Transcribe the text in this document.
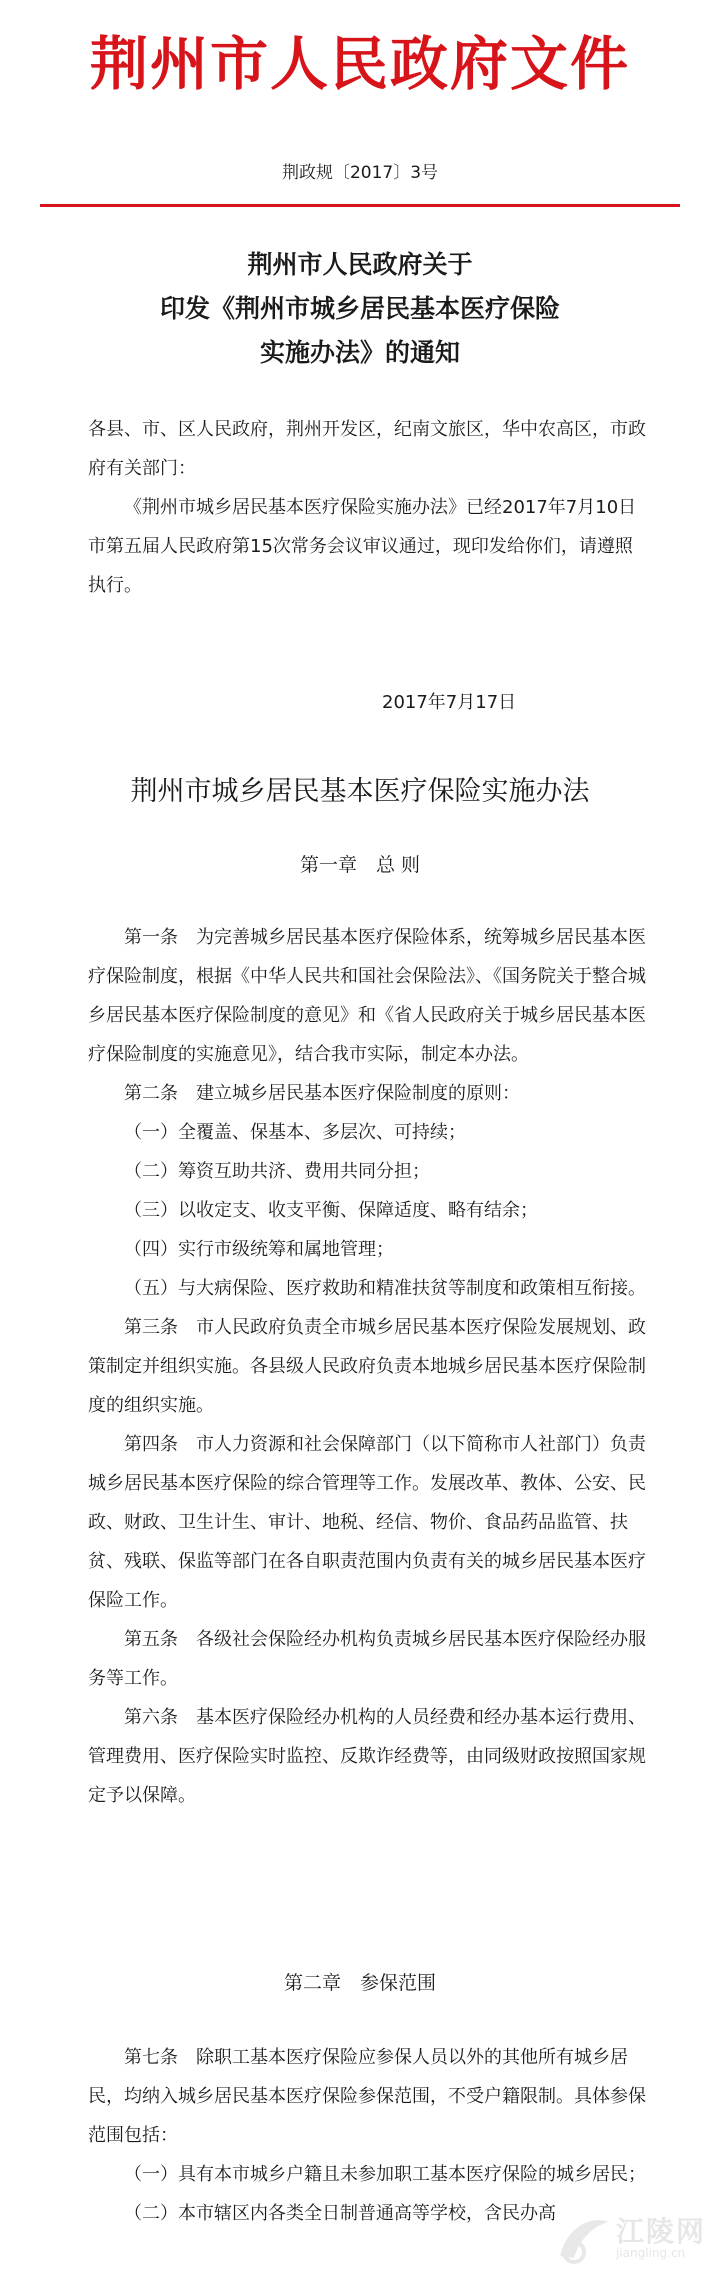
荆州市人民政府文件
荆政规〔2017〕3号
荆州市人民政府关于
印发《荆州市城乡居民基本医疗保险
实施办法》的通知

各县、市、区人民政府，荆州开发区，纪南文旅区，华中农高区，市政府有关部门：

《荆州市城乡居民基本医疗保险实施办法》已经2017年7月10日市第五届人民政府第15次常务会议审议通过，现印发给你们，请遵照执行。

2017年7月17日
荆州市城乡居民基本医疗保险实施办法
第一章　总 则

第一条　为完善城乡居民基本医疗保险体系，统筹城乡居民基本医疗保险制度，根据《中华人民共和国社会保险法》、《国务院关于整合城乡居民基本医疗保险制度的意见》和《省人民政府关于城乡居民基本医疗保险制度的实施意见》，结合我市实际，制定本办法。

第二条　建立城乡居民基本医疗保险制度的原则：

（一）全覆盖、保基本、多层次、可持续；

（二）筹资互助共济、费用共同分担；

（三）以收定支、收支平衡、保障适度、略有结余；

（四）实行市级统筹和属地管理；

（五）与大病保险、医疗救助和精准扶贫等制度和政策相互衔接。

第三条　市人民政府负责全市城乡居民基本医疗保险发展规划、政策制定并组织实施。各县级人民政府负责本地城乡居民基本医疗保险制度的组织实施。

第四条　市人力资源和社会保障部门（以下简称市人社部门）负责城乡居民基本医疗保险的综合管理等工作。发展改革、教体、公安、民政、财政、卫生计生、审计、地税、经信、物价、食品药品监管、扶贫、残联、保监等部门在各自职责范围内负责有关的城乡居民基本医疗保险工作。

第五条　各级社会保险经办机构负责城乡居民基本医疗保险经办服务等工作。

第六条　基本医疗保险经办机构的人员经费和经办基本运行费用、管理费用、医疗保险实时监控、反欺诈经费等，由同级财政按照国家规定予以保障。

第二章　参保范围

第七条　除职工基本医疗保险应参保人员以外的其他所有城乡居民，均纳入城乡居民基本医疗保险参保范围，不受户籍限制。具体参保范围包括：

（一）具有本市城乡户籍且未参加职工基本医疗保险的城乡居民；

（二）本市辖区内各类全日制普通高等学校，含民办高

江陵网
jiangling.cn
